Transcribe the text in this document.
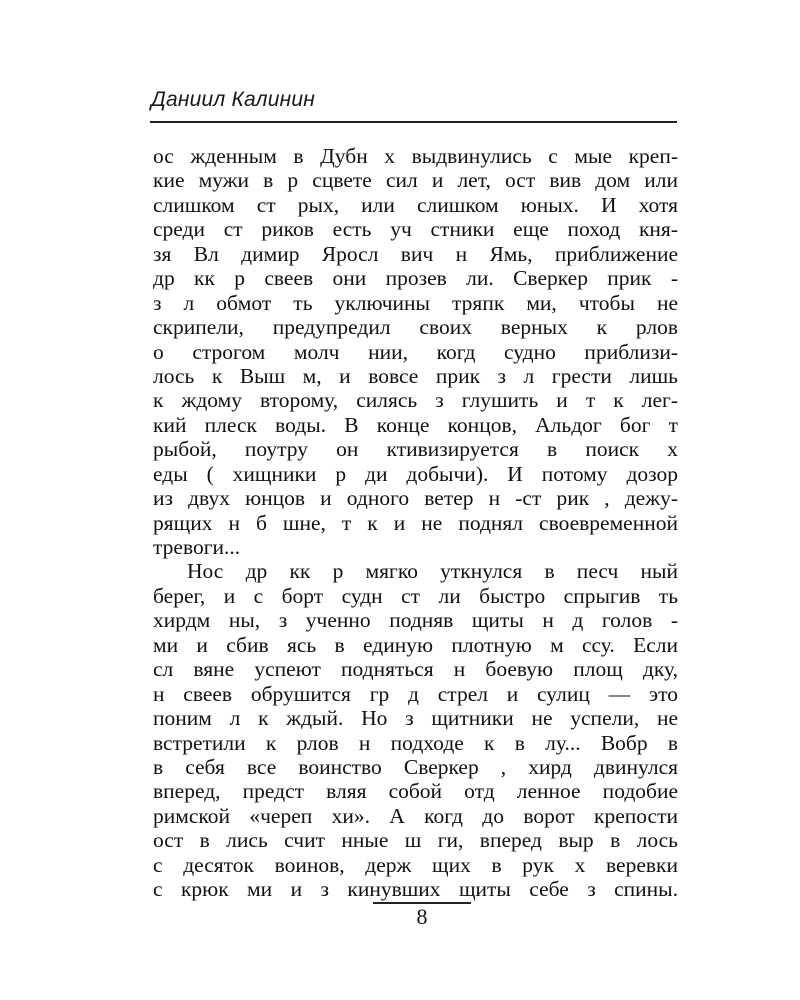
Даниил Калинин
ос жденным в Дубн х выдвинулись с мые креп-
кие мужи в р сцвете сил и лет, ост вив дом или
слишком ст рых, или слишком юных. И хотя
среди ст риков есть уч стники еще поход кня-
зя Вл димир Яросл вич н Ямь, приближение
др кк р свеев они прозев ли. Сверкер прик -
з л обмот ть уключины тряпк ми, чтобы не
скрипели, предупредил своих верных к рлов
о строгом молч нии, когд судно приблизи-
лось к Выш м, и вовсе прик з л грести лишь
к ждому второму, силясь з глушить и т к лег-
кий плеск воды. В конце концов, Альдог бог т
рыбой, поутру он ктивизируется в поиск х
еды ( хищники р ди добычи). И потому дозор
из двух юнцов и одного ветер н -ст рик , дежу-
рящих н б шне, т к и не поднял своевременной
тревоги...
Нос др кк р мягко уткнулся в песч ный
берег, и с борт судн ст ли быстро спрыгив ть
хирдм ны, з ученно подняв щиты н д голов -
ми и сбив ясь в единую плотную м ссу. Если
сл вяне успеют подняться н боевую площ дку,
н свеев обрушится гр д стрел и сулиц — это
поним л к ждый. Но з щитники не успели, не
встретили к рлов н подходе к в лу... Вобр в
в себя все воинство Сверкер , хирд двинулся
вперед, предст вляя собой отд ленное подобие
римской «череп хи». А когд до ворот крепости
ост в лись счит нные ш ги, вперед выр в лось
с десяток воинов, держ щих в рук х веревки
с крюк ми и з кинувших щиты себе з спины.
8
